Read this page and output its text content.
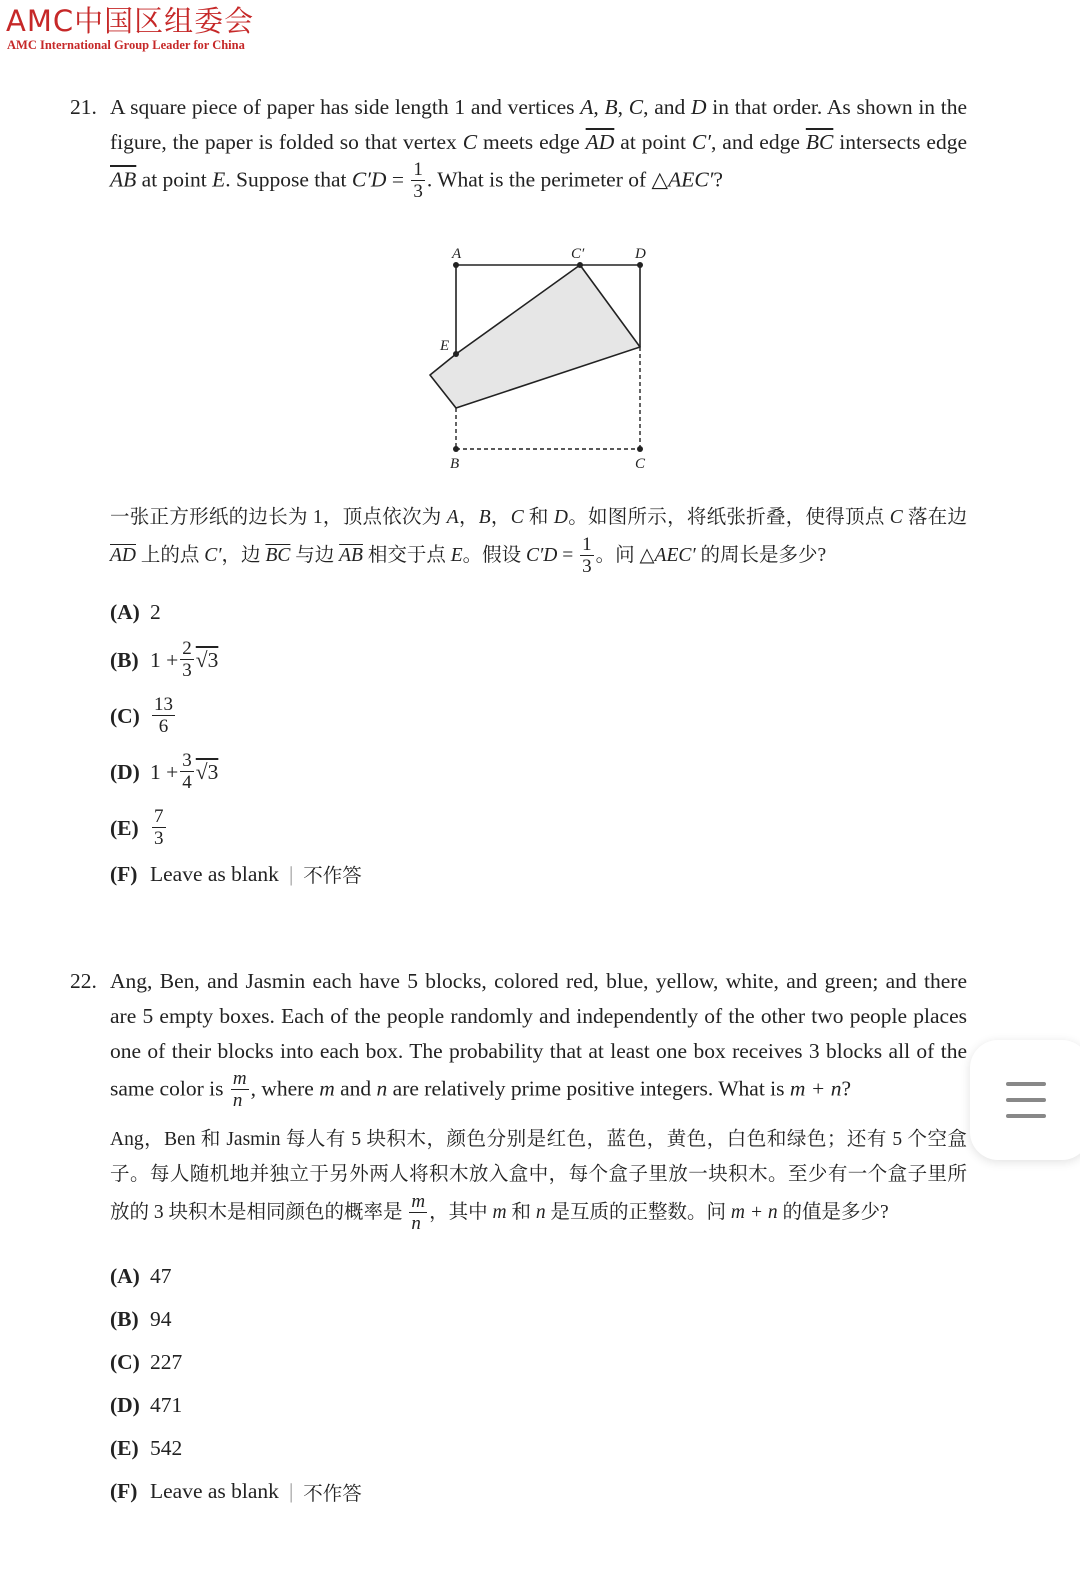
AMC中国区组委会
AMC International Group Leader for China
21. A square piece of paper has side length 1 and vertices A, B, C, and D in that order. As shown in the figure, the paper is folded so that vertex C meets edge $\overline{AD}$ at point C′, and edge $\overline{BC}$ intersects edge $\overline{AB}$ at point E. Suppose that $C'D = \frac{1}{3}$ . What is the perimeter of △AEC′?
A	C′	D
E
B	C
一张正方形纸的边长为 1，顶点依次为 A，B，C 和 D。如图所示，将纸张折叠，使得顶点 C 落在边 $\overline{AD}$ 上的点 C′，边 $\overline{BC}$ 与边 $\overline{AB}$ 相交于点 E。假设 $C'D = \frac{1}{3}$ 。问 △AEC′ 的周长是多少?
(A) 2
(B) $1 + \frac{2}{3} √3$
$(C) \frac{13}{6}$
(D) $1 + \frac{3}{4} √3$
$(E) \frac{7}{3}$
(F) Leave as blank | 不作答
22. Ang, Ben, and Jasmin each have 5 blocks, colored red, blue, yellow, white, and green; and there are 5 empty boxes. Each of the people randomly and independently of the other two people places one of their blocks into each box. The probability that at least one box receives 3 blocks all of the same color is $\frac{m}{n}$ , where m and n are relatively prime positive integers. What is m + n?
Ang，Ben 和 Jasmin 每人有 5 块积木，颜色分别是红色，蓝色，黄色，白色和绿色；还有 5 个空盒子。每人随机地并独立于另外两人将积木放入盒中，每个盒子里放一块积木。至少有一个盒子里所放的 3 块积木是相同颜色的概率是 $\frac{m}{n}$ ，其中 m 和 n 是互质的正整数。问 m + n 的值是多少?
(A) 47
(B) 94
(C) 227
(D) 471
(E) 542
(F) Leave as blank | 不作答
